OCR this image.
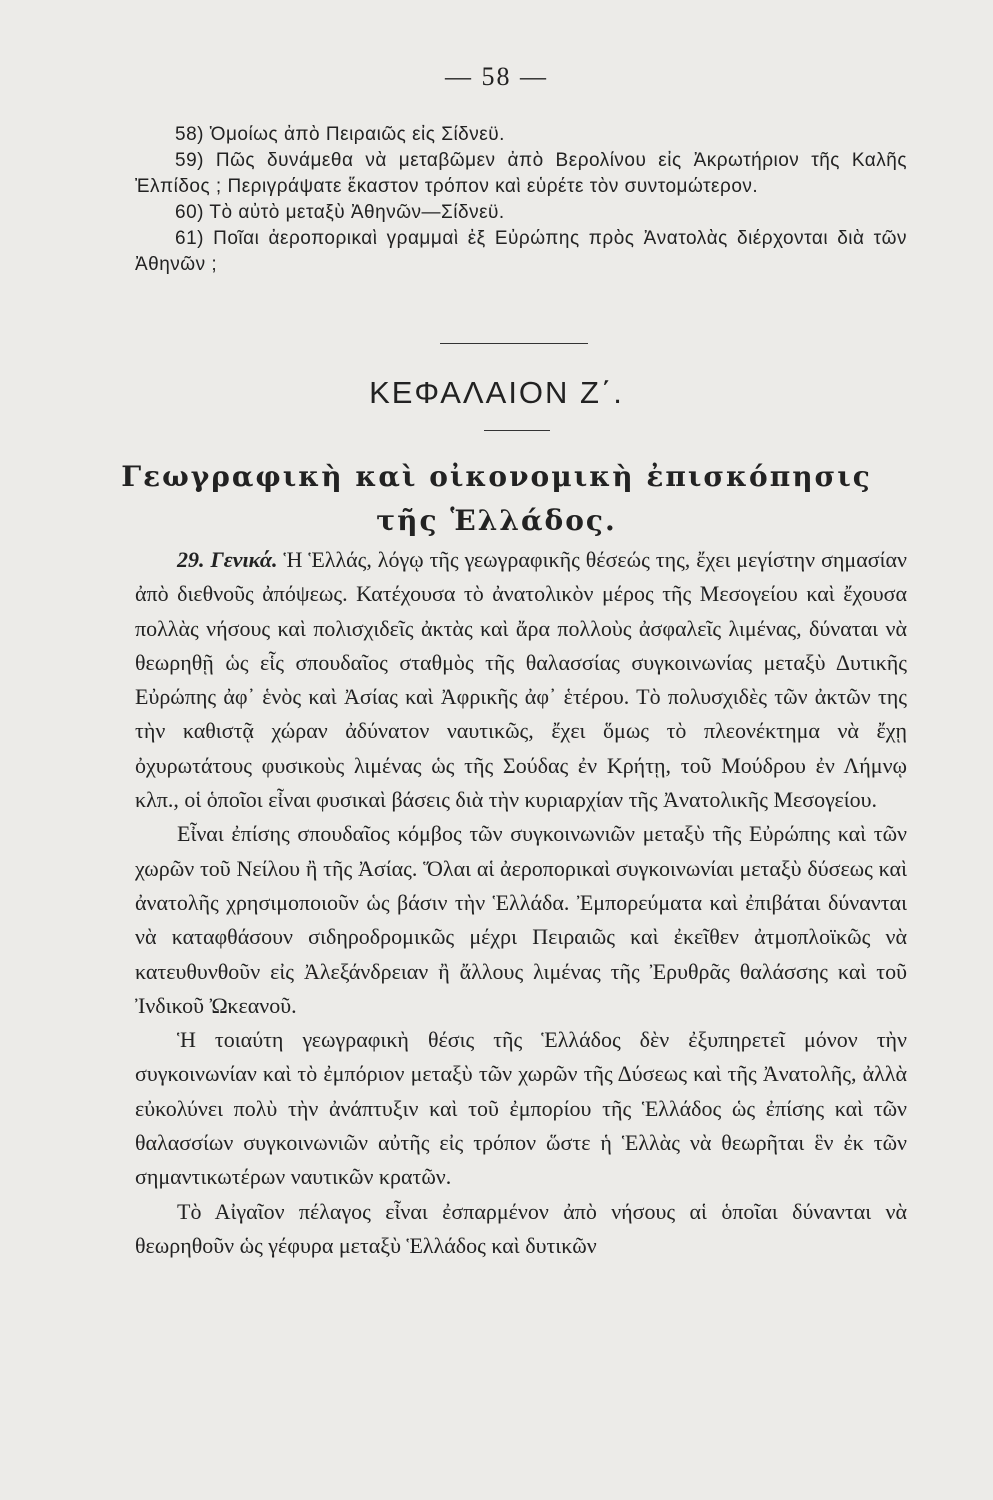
— 58 —

58) Ὁμοίως ἀπὸ Πειραιῶς εἰς Σίδνεϋ.

59) Πῶς δυνάμεθα νὰ μεταβῶμεν ἀπὸ Βερολίνου εἰς Ἀκρωτήριον τῆς Καλῆς Ἐλπίδος ; Περιγράψατε ἕκαστον τρόπον καὶ εὑρέτε τὸν συντομώτερον.

60) Τὸ αὐτὸ μεταξὺ Ἀθηνῶν—Σίδνεϋ.

61) Ποῖαι ἀεροπορικαὶ γραμμαὶ ἐξ Εὐρώπης πρὸς Ἀνατολὰς διέρχονται διὰ τῶν Ἀθηνῶν ;

ΚΕΦΑΛΑΙΟΝ Ζ΄.
Γεωγραφικὴ καὶ οἰκονομικὴ ἐπισκόπησις
τῆς Ἑλλάδος.

29. Γενικά. Ἡ Ἑλλάς, λόγῳ τῆς γεωγραφικῆς θέσεώς της, ἔχει μεγίστην σημασίαν ἀπὸ διεθνοῦς ἀπόψεως. Κατέχουσα τὸ ἀνατολικὸν μέρος τῆς Μεσογείου καὶ ἔχουσα πολλὰς νήσους καὶ πολισχιδεῖς ἀκτὰς καὶ ἄρα πολλοὺς ἀσφαλεῖς λιμένας, δύναται νὰ θεωρηθῇ ὡς εἷς σπουδαῖος σταθμὸς τῆς θαλασσίας συγκοινωνίας μεταξὺ Δυτικῆς Εὐρώπης ἀφ᾽ ἑνὸς καὶ Ἀσίας καὶ Ἀφρικῆς ἀφ᾽ ἑτέρου. Τὸ πολυσχιδὲς τῶν ἀκτῶν της τὴν καθιστᾷ χώραν ἀδύνατον ναυτικῶς, ἔχει ὅμως τὸ πλεονέκτημα νὰ ἔχῃ ὀχυρωτάτους φυσικοὺς λιμένας ὡς τῆς Σούδας ἐν Κρήτῃ, τοῦ Μούδρου ἐν Λήμνῳ κλπ., οἱ ὁποῖοι εἶναι φυσικαὶ βάσεις διὰ τὴν κυριαρχίαν τῆς Ἀνατολικῆς Μεσογείου.

Εἶναι ἐπίσης σπουδαῖος κόμβος τῶν συγκοινωνιῶν μεταξὺ τῆς Εὐρώπης καὶ τῶν χωρῶν τοῦ Νείλου ἢ τῆς Ἀσίας. Ὅλαι αἱ ἀεροπορικαὶ συγκοινωνίαι μεταξὺ δύσεως καὶ ἀνατολῆς χρησιμοποιοῦν ὡς βάσιν τὴν Ἑλλάδα. Ἐμπορεύματα καὶ ἐπιβάται δύνανται νὰ καταφθάσουν σιδηροδρομικῶς μέχρι Πειραιῶς καὶ ἐκεῖθεν ἀτμοπλοϊκῶς νὰ κατευθυνθοῦν εἰς Ἀλεξάνδρειαν ἢ ἄλλους λιμένας τῆς Ἐρυθρᾶς θαλάσσης καὶ τοῦ Ἰνδικοῦ Ὠκεανοῦ.

Ἡ τοιαύτη γεωγραφικὴ θέσις τῆς Ἑλλάδος δὲν ἐξυπηρετεῖ μόνον τὴν συγκοινωνίαν καὶ τὸ ἐμπόριον μεταξὺ τῶν χωρῶν τῆς Δύσεως καὶ τῆς Ἀνατολῆς, ἀλλὰ εὐκολύνει πολὺ τὴν ἀνάπτυξιν καὶ τοῦ ἐμπορίου τῆς Ἑλλάδος ὡς ἐπίσης καὶ τῶν θαλασσίων συγκοινωνιῶν αὐτῆς εἰς τρόπον ὥστε ἡ Ἑλλὰς νὰ θεωρῆται ἓν ἐκ τῶν σημαντικωτέρων ναυτικῶν κρατῶν.

Τὸ Αἰγαῖον πέλαγος εἶναι ἐσπαρμένον ἀπὸ νήσους αἱ ὁποῖαι δύνανται νὰ θεωρηθοῦν ὡς γέφυρα μεταξὺ Ἑλλάδος καὶ δυτικῶν
